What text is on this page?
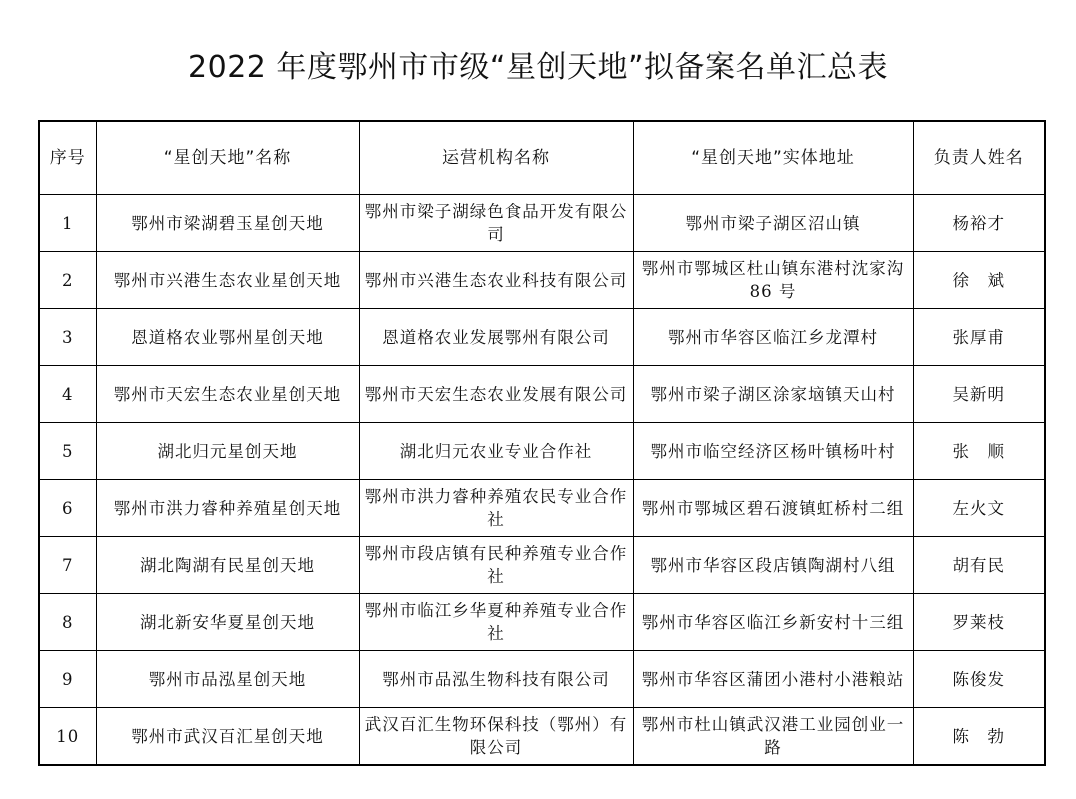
2022 年度鄂州市市级“星创天地”拟备案名单汇总表
序号	“星创天地”名称	运营机构名称	“星创天地”实体地址	负责人姓名
1	鄂州市梁湖碧玉星创天地	鄂州市梁子湖绿色食品开发有限公司	鄂州市梁子湖区沼山镇	杨裕才
2	鄂州市兴港生态农业星创天地	鄂州市兴港生态农业科技有限公司	鄂州市鄂城区杜山镇东港村沈家沟 86 号	徐　斌
3	恩道格农业鄂州星创天地	恩道格农业发展鄂州有限公司	鄂州市华容区临江乡龙潭村	张厚甫
4	鄂州市天宏生态农业星创天地	鄂州市天宏生态农业发展有限公司	鄂州市梁子湖区涂家垴镇天山村	吴新明
5	湖北归元星创天地	湖北归元农业专业合作社	鄂州市临空经济区杨叶镇杨叶村	张　顺
6	鄂州市洪力睿种养殖星创天地	鄂州市洪力睿种养殖农民专业合作社	鄂州市鄂城区碧石渡镇虹桥村二组	左火文
7	湖北陶湖有民星创天地	鄂州市段店镇有民种养殖专业合作社	鄂州市华容区段店镇陶湖村八组	胡有民
8	湖北新安华夏星创天地	鄂州市临江乡华夏种养殖专业合作社	鄂州市华容区临江乡新安村十三组	罗莱枝
9	鄂州市品泓星创天地	鄂州市品泓生物科技有限公司	鄂州市华容区蒲团小港村小港粮站	陈俊发
10	鄂州市武汉百汇星创天地	武汉百汇生物环保科技（鄂州）有限公司	鄂州市杜山镇武汉港工业园创业一路	陈　勃
